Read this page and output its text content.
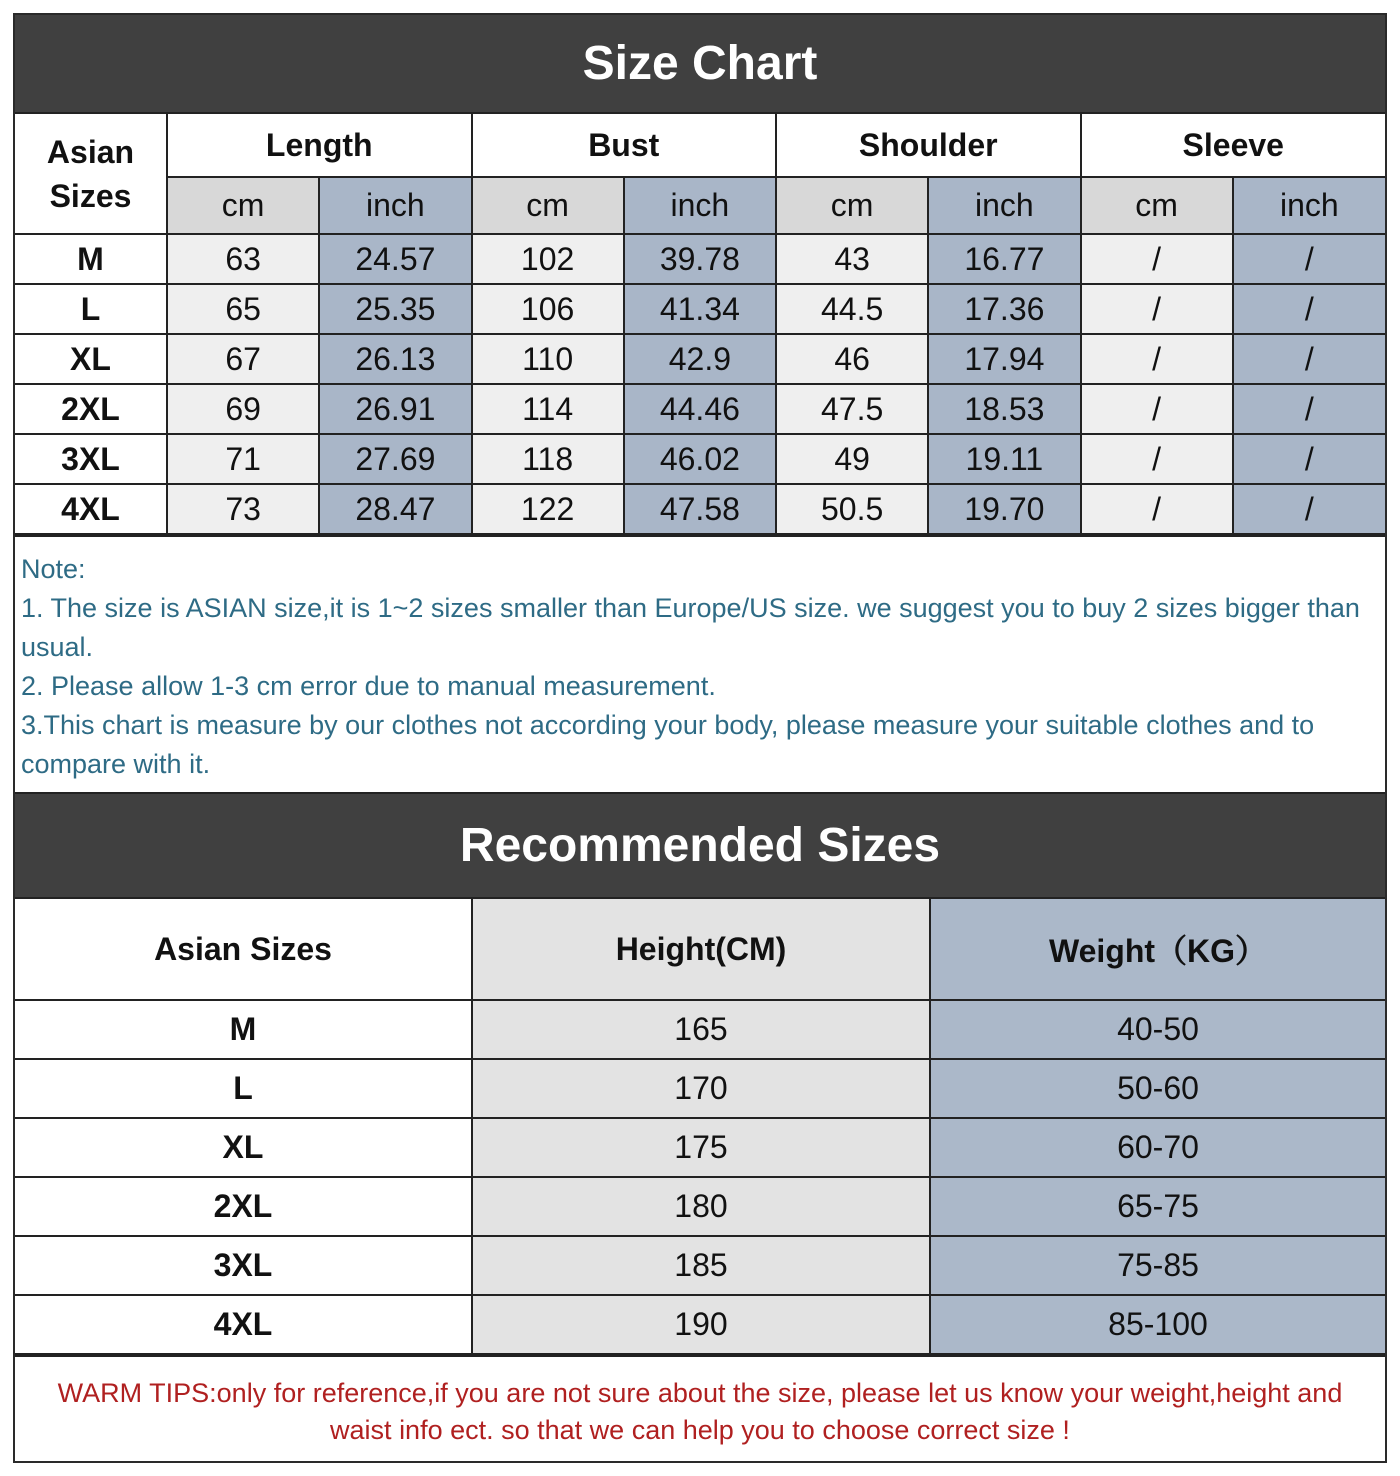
Size Chart
Asian
Sizes	Length		Bust		Shoulder		Sleeve	
	cm	inch	cm	inch	cm	inch	cm	inch
M	63	24.57	102	39.78	43	16.77	/	/
L	65	25.35	106	41.34	44.5	17.36	/	/
XL	67	26.13	110	42.9	46	17.94	/	/
2XL	69	26.91	114	44.46	47.5	18.53	/	/
3XL	71	27.69	118	46.02	49	19.11	/	/
4XL	73	28.47	122	47.58	50.5	19.70	/	/
Note:
1. The size is ASIAN size,it is 1~2 sizes smaller than Europe/US size. we suggest you to buy 2 sizes bigger than usual.
2. Please allow 1-3 cm error due to manual measurement.
3.This chart is measure by our clothes not according your body, please measure your suitable clothes and to compare with it.
Recommended Sizes
Asian Sizes	Height(CM)	Weight（KG）
M	165	40-50
L	170	50-60
XL	175	60-70
2XL	180	65-75
3XL	185	75-85
4XL	190	85-100
WARM TIPS:only for reference,if you are not sure about the size, please let us know your weight,height and waist info ect. so that we can help you to choose correct size !
